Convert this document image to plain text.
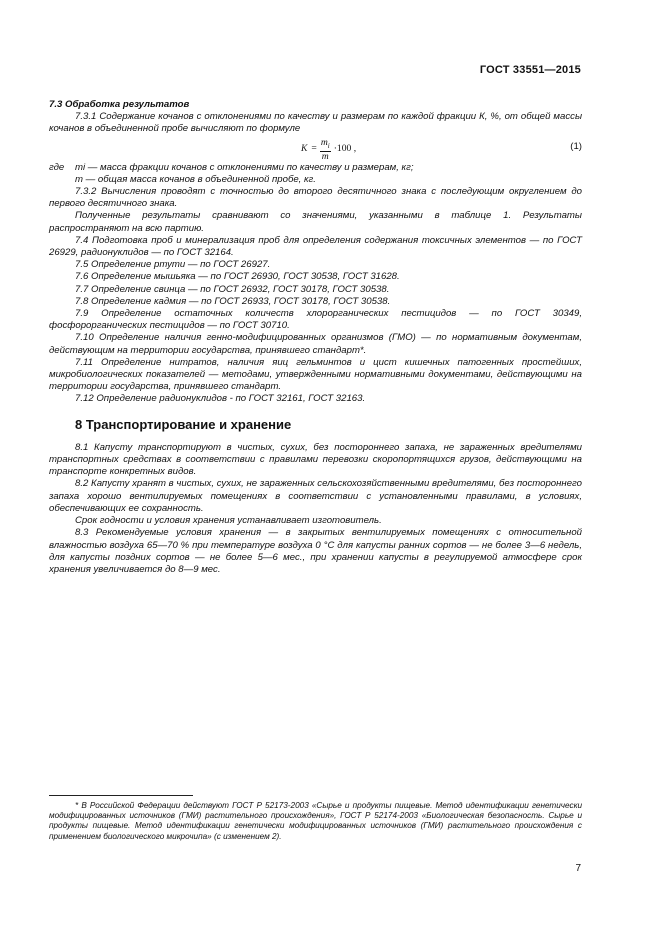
ГОСТ 33551—2015

7.3 Обработка результатов

7.3.1 Содержание кочанов с отклонениями по качеству и размерам по каждой фракции К, %, от общей массы кочанов в объединенной пробе вычисляют по формуле

$K = \frac{m_i}{m} \cdot 100$ ,	(1)
где	mi — масса фракции кочанов с отклонениями по качеству и размерам, кг;

m — общая масса кочанов в объединенной пробе, кг.

7.3.2 Вычисления проводят с точностью до второго десятичного знака с последующим округлением до первого десятичного знака.

Полученные результаты сравнивают со значениями, указанными в таблице 1. Результаты распространяют на всю партию.

7.4 Подготовка проб и минерализация проб для определения содержания токсичных элементов — по ГОСТ 26929, радионуклидов — по ГОСТ 32164.

7.5 Определение ртути — по ГОСТ 26927.

7.6 Определение мышьяка — по ГОСТ 26930, ГОСТ 30538, ГОСТ 31628.

7.7 Определение свинца — по ГОСТ 26932, ГОСТ 30178, ГОСТ 30538.

7.8 Определение кадмия — по ГОСТ 26933, ГОСТ 30178, ГОСТ 30538.

7.9 Определение остаточных количеств хлорорганических пестицидов — по ГОСТ 30349, фосфорорганических пестицидов — по ГОСТ 30710.

7.10 Определение наличия генно-модифицированных организмов (ГМО) — по нормативным документам, действующим на территории государства, принявшего стандарт*.

7.11 Определение нитратов, наличия яиц гельминтов и цист кишечных патогенных простейших, микробиологических показателей — методами, утвержденными нормативными документами, действующими на территории государства, принявшего стандарт.

7.12 Определение радионуклидов - по ГОСТ 32161, ГОСТ 32163.

8 Транспортирование и хранение

8.1 Капусту транспортируют в чистых, сухих, без постороннего запаха, не зараженных вредителями транспортных средствах в соответствии с правилами перевозки скоропортящихся грузов, действующими на транспорте конкретных видов.

8.2 Капусту хранят в чистых, сухих, не зараженных сельскохозяйственными вредителями, без постороннего запаха хорошо вентилируемых помещениях в соответствии с установленными правилами, в условиях, обеспечивающих ее сохранность.

Срок годности и условия хранения устанавливает изготовитель.

8.3 Рекомендуемые условия хранения — в закрытых вентилируемых помещениях с относительной влажностью воздуха 65—70 % при температуре воздуха 0 °С для капусты ранних сортов — не более 3—6 недель, для капусты поздних сортов — не более 5—6 мес., при хранении капусты в регулируемой атмосфере срок хранения увеличивается до 8—9 мес.

* В Российской Федерации действуют ГОСТ Р 52173-2003 «Сырье и продукты пищевые. Метод идентификации генетически модифицированных источников (ГМИ) растительного происхождения», ГОСТ Р 52174-2003 «Биологическая безопасность. Сырье и продукты пищевые. Метод идентификации генетически модифицированных источников (ГМИ) растительного происхождения с применением биологического микрочипа» (с изменением 2).

7
